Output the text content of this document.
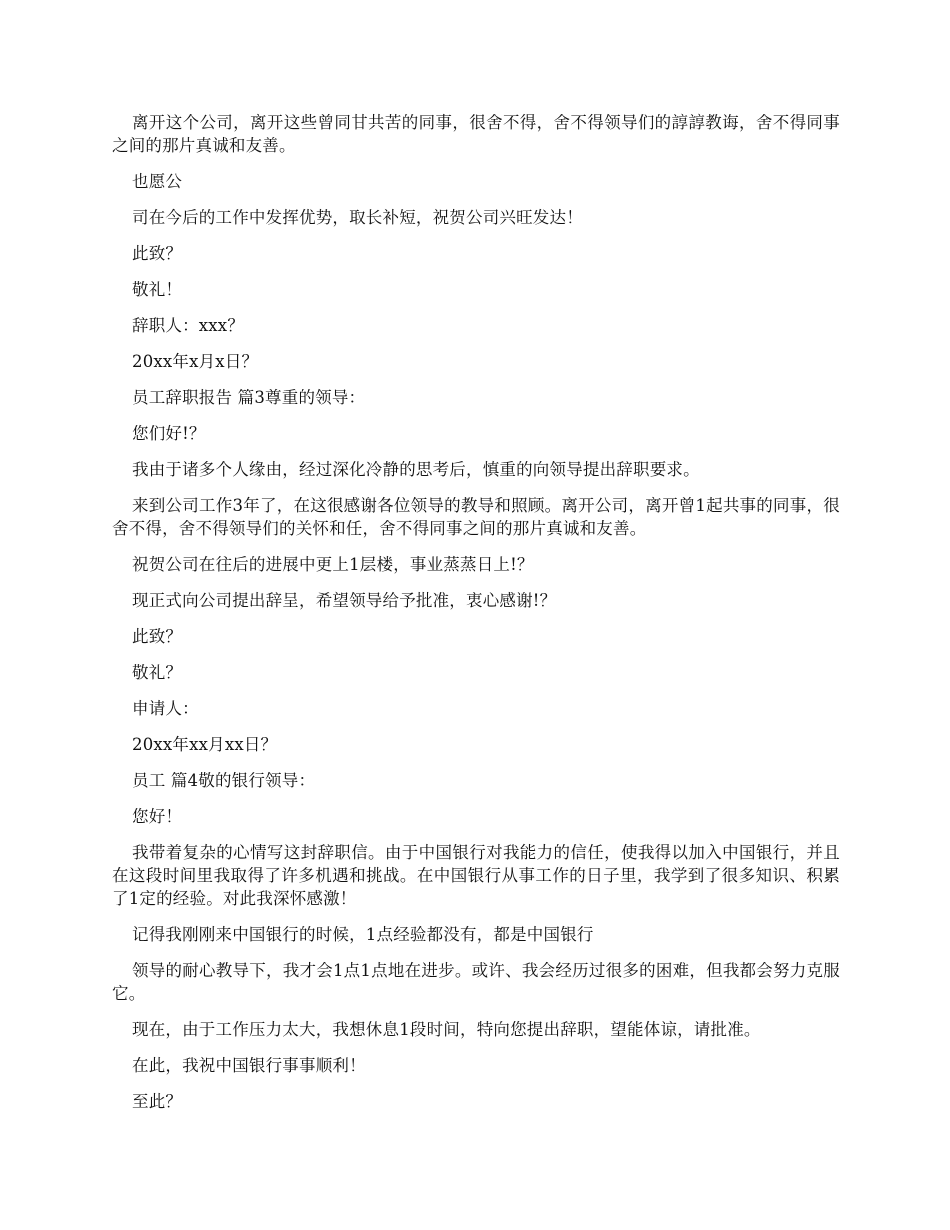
离开这个公司，离开这些曾同甘共苦的同事，很舍不得，舍不得领导们的諄諄教诲，舍不得同事之间的那片真诚和友善。

也愿公

司在今后的工作中发挥优势，取长补短，祝贺公司兴旺发达！

此致？

敬礼！

辞职人：xxx？

20xx年x月x日？

员工辞职报告 篇3尊重的领导：

您们好!？

我由于诸多个人缘由，经过深化冷静的思考后，慎重的向领导提出辞职要求。

来到公司工作3年了，在这很感谢各位领导的教导和照顾。离开公司，离开曾1起共事的同事，很舍不得，舍不得领导们的关怀和任，舍不得同事之间的那片真诚和友善。

祝贺公司在往后的进展中更上1层楼，事业蒸蒸日上!？

现正式向公司提出辞呈，希望领导给予批准，衷心感谢!？

此致？

敬礼？

申请人：

20xx年xx月xx日？

员工 篇4敬的银行领导：

您好！

我带着复杂的心情写这封辞职信。由于中国银行对我能力的信任，使我得以加入中国银行，并且在这段时间里我取得了许多机遇和挑战。在中国银行从事工作的日子里，我学到了很多知识、积累了1定的经验。对此我深怀感激！

记得我刚刚来中国银行的时候，1点经验都没有，都是中国银行

领导的耐心教导下，我才会1点1点地在进步。或许、我会经历过很多的困难，但我都会努力克服它。

现在，由于工作压力太大，我想休息1段时间，特向您提出辞职，望能体谅，请批准。

在此，我祝中国银行事事顺利！

至此？
